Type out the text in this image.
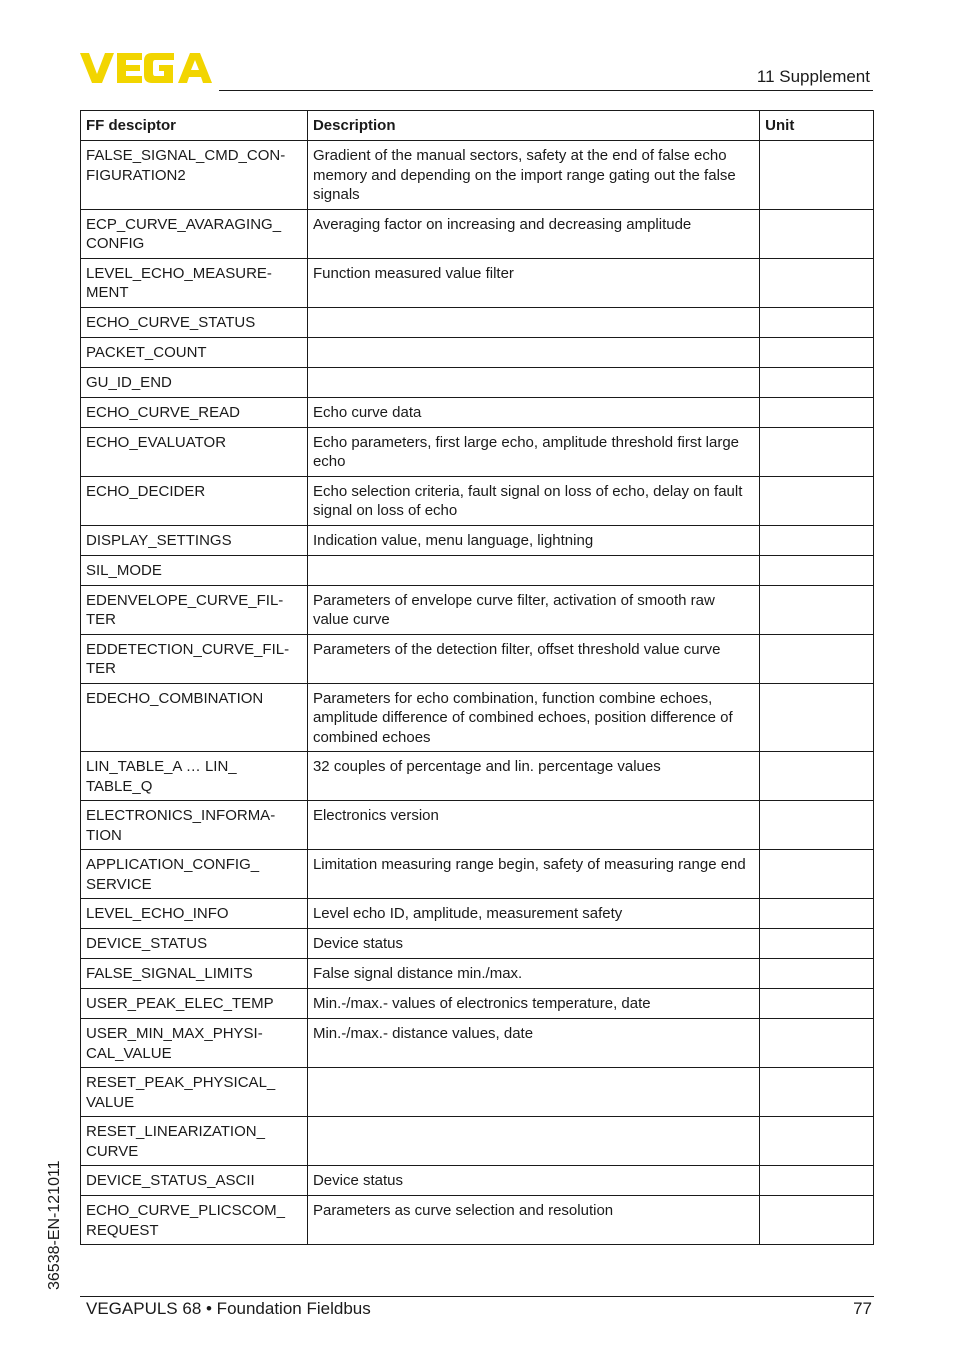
11 Supplement
FF desciptor	Description	Unit
FALSE_SIGNAL_CMD_CON-
FIGURATION2	Gradient of the manual sectors, safety at the end of false echo memory and depending on the import range gating out the false signals	
ECP_CURVE_AVARAGING_
CONFIG	Averaging factor on increasing and decreasing amplitude	
LEVEL_ECHO_MEASURE-
MENT	Function measured value filter	
ECHO_CURVE_STATUS		
PACKET_COUNT		
GU_ID_END		
ECHO_CURVE_READ	Echo curve data	
ECHO_EVALUATOR	Echo parameters, first large echo, amplitude threshold first large echo	
ECHO_DECIDER	Echo selection criteria, fault signal on loss of echo, delay on fault signal on loss of echo	
DISPLAY_SETTINGS	Indication value, menu language, lightning	
SIL_MODE		
EDENVELOPE_CURVE_FIL-
TER	Parameters of envelope curve filter, activation of smooth raw value curve	
EDDETECTION_CURVE_FIL-
TER	Parameters of the detection filter, offset threshold value curve	
EDECHO_COMBINATION	Parameters for echo combination, function combine echoes, amplitude difference of combined echoes, position difference of combined echoes	
LIN_TABLE_A … LIN_
TABLE_Q	32 couples of percentage and lin. percentage values	
ELECTRONICS_INFORMA-
TION	Electronics version	
APPLICATION_CONFIG_
SERVICE	Limitation measuring range begin, safety of measuring range end	
LEVEL_ECHO_INFO	Level echo ID, amplitude, measurement safety	
DEVICE_STATUS	Device status	
FALSE_SIGNAL_LIMITS	False signal distance min./max.	
USER_PEAK_ELEC_TEMP	Min.-/max.- values of electronics temperature, date	
USER_MIN_MAX_PHYSI-
CAL_VALUE	Min.-/max.- distance values, date	
RESET_PEAK_PHYSICAL_
VALUE		
RESET_LINEARIZATION_
CURVE		
DEVICE_STATUS_ASCII	Device status	
ECHO_CURVE_PLICSCOM_
REQUEST	Parameters as curve selection and resolution	
36538-EN-121011
VEGAPULS 68 • Foundation Fieldbus	77
